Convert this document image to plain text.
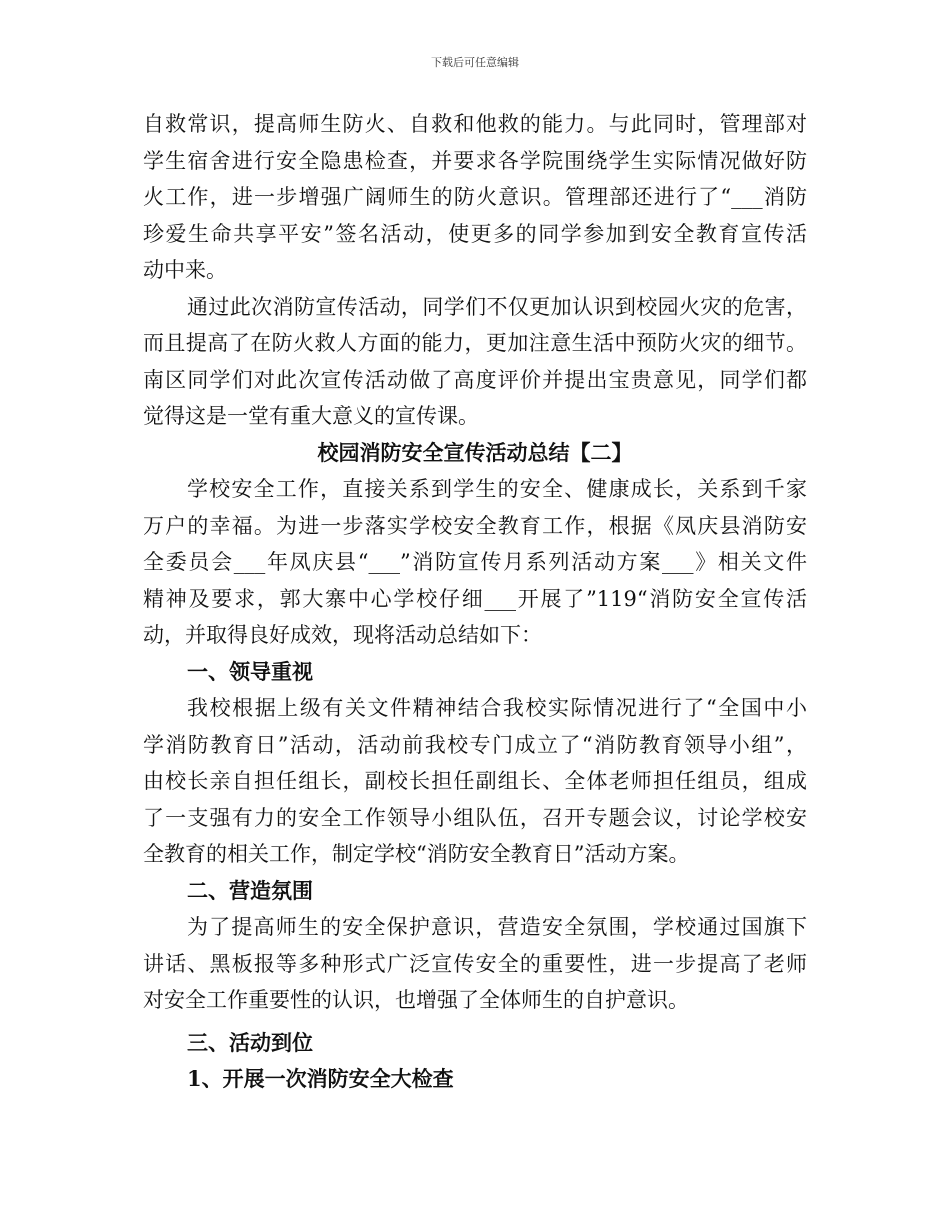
下载后可任意编辑
自救常识，提高师生防火、自救和他救的能力。与此同时，管理部对
学生宿舍进行安全隐患检查，并要求各学院围绕学生实际情况做好防
火工作，进一步增强广阔师生的防火意识。管理部还进行了“___消防
珍爱生命共享平安”签名活动，使更多的同学参加到安全教育宣传活
动中来。
通过此次消防宣传活动，同学们不仅更加认识到校园火灾的危害，
而且提高了在防火救人方面的能力，更加注意生活中预防火灾的细节。
南区同学们对此次宣传活动做了高度评价并提出宝贵意见，同学们都
觉得这是一堂有重大意义的宣传课。
校园消防安全宣传活动总结【二】
学校安全工作，直接关系到学生的安全、健康成长，关系到千家
万户的幸福。为进一步落实学校安全教育工作，根据《凤庆县消防安
全委员会___年凤庆县“___”消防宣传月系列活动方案___》相关文件
精神及要求，郭大寨中心学校仔细___开展了”119“消防安全宣传活
动，并取得良好成效，现将活动总结如下：
一、领导重视
我校根据上级有关文件精神结合我校实际情况进行了“全国中小
学消防教育日”活动，活动前我校专门成立了“消防教育领导小组”，
由校长亲自担任组长，副校长担任副组长、全体老师担任组员，组成
了一支强有力的安全工作领导小组队伍，召开专题会议，讨论学校安
全教育的相关工作，制定学校“消防安全教育日”活动方案。
二、营造氛围
为了提高师生的安全保护意识，营造安全氛围，学校通过国旗下
讲话、黑板报等多种形式广泛宣传安全的重要性，进一步提高了老师
对安全工作重要性的认识，也增强了全体师生的自护意识。
三、活动到位
1、开展一次消防安全大检查
